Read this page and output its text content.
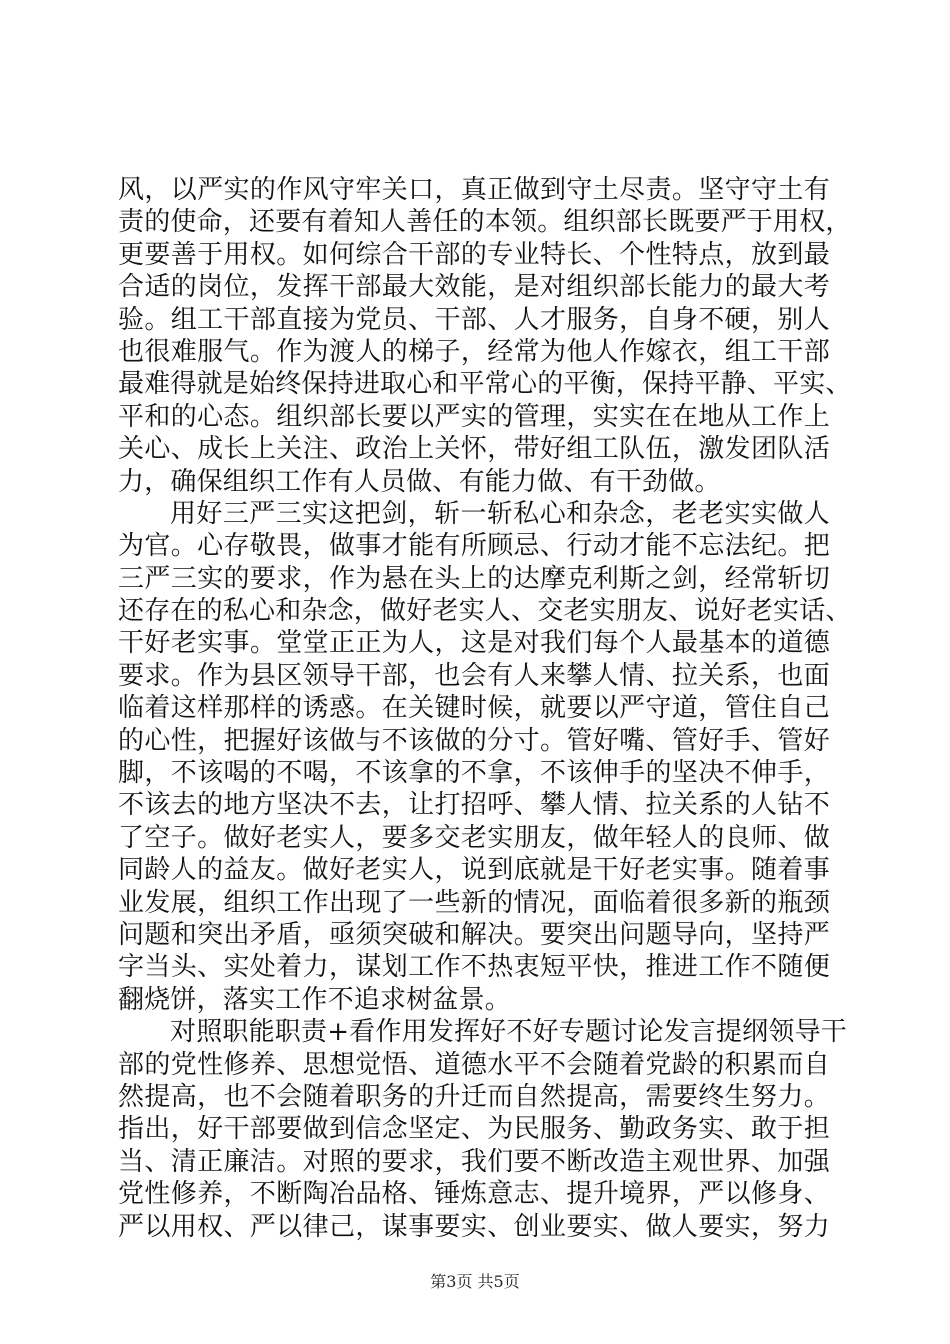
风，以严实的作风守牢关口，真正做到守土尽责。坚守守土有
责的使命，还要有着知人善任的本领。组织部长既要严于用权，
更要善于用权。如何综合干部的专业特长、个性特点，放到最
合适的岗位，发挥干部最大效能，是对组织部长能力的最大考
验。组工干部直接为党员、干部、人才服务，自身不硬，别人
也很难服气。作为渡人的梯子，经常为他人作嫁衣，组工干部
最难得就是始终保持进取心和平常心的平衡，保持平静、平实、
平和的心态。组织部长要以严实的管理，实实在在地从工作上
关心、成长上关注、政治上关怀，带好组工队伍，激发团队活
力，确保组织工作有人员做、有能力做、有干劲做。
用好三严三实这把剑，斩一斩私心和杂念，老老实实做人
为官。心存敬畏，做事才能有所顾忌、行动才能不忘法纪。把
三严三实的要求，作为悬在头上的达摩克利斯之剑，经常斩切
还存在的私心和杂念，做好老实人、交老实朋友、说好老实话、
干好老实事。堂堂正正为人，这是对我们每个人最基本的道德
要求。作为县区领导干部，也会有人来攀人情、拉关系，也面
临着这样那样的诱惑。在关键时候，就要以严守道，管住自己
的心性，把握好该做与不该做的分寸。管好嘴、管好手、管好
脚，不该喝的不喝，不该拿的不拿，不该伸手的坚决不伸手，
不该去的地方坚决不去，让打招呼、攀人情、拉关系的人钻不
了空子。做好老实人，要多交老实朋友，做年轻人的良师、做
同龄人的益友。做好老实人，说到底就是干好老实事。随着事
业发展，组织工作出现了一些新的情况，面临着很多新的瓶颈
问题和突出矛盾，亟须突破和解决。要突出问题导向，坚持严
字当头、实处着力，谋划工作不热衷短平快，推进工作不随便
翻烧饼，落实工作不追求树盆景。
对照职能职责+看作用发挥好不好专题讨论发言提纲领导干
部的党性修养、思想觉悟、道德水平不会随着党龄的积累而自
然提高，也不会随着职务的升迁而自然提高，需要终生努力。
指出，好干部要做到信念坚定、为民服务、勤政务实、敢于担
当、清正廉洁。对照的要求，我们要不断改造主观世界、加强
党性修养，不断陶冶品格、锤炼意志、提升境界，严以修身、
严以用权、严以律己，谋事要实、创业要实、做人要实，努力
第3页 共5页
